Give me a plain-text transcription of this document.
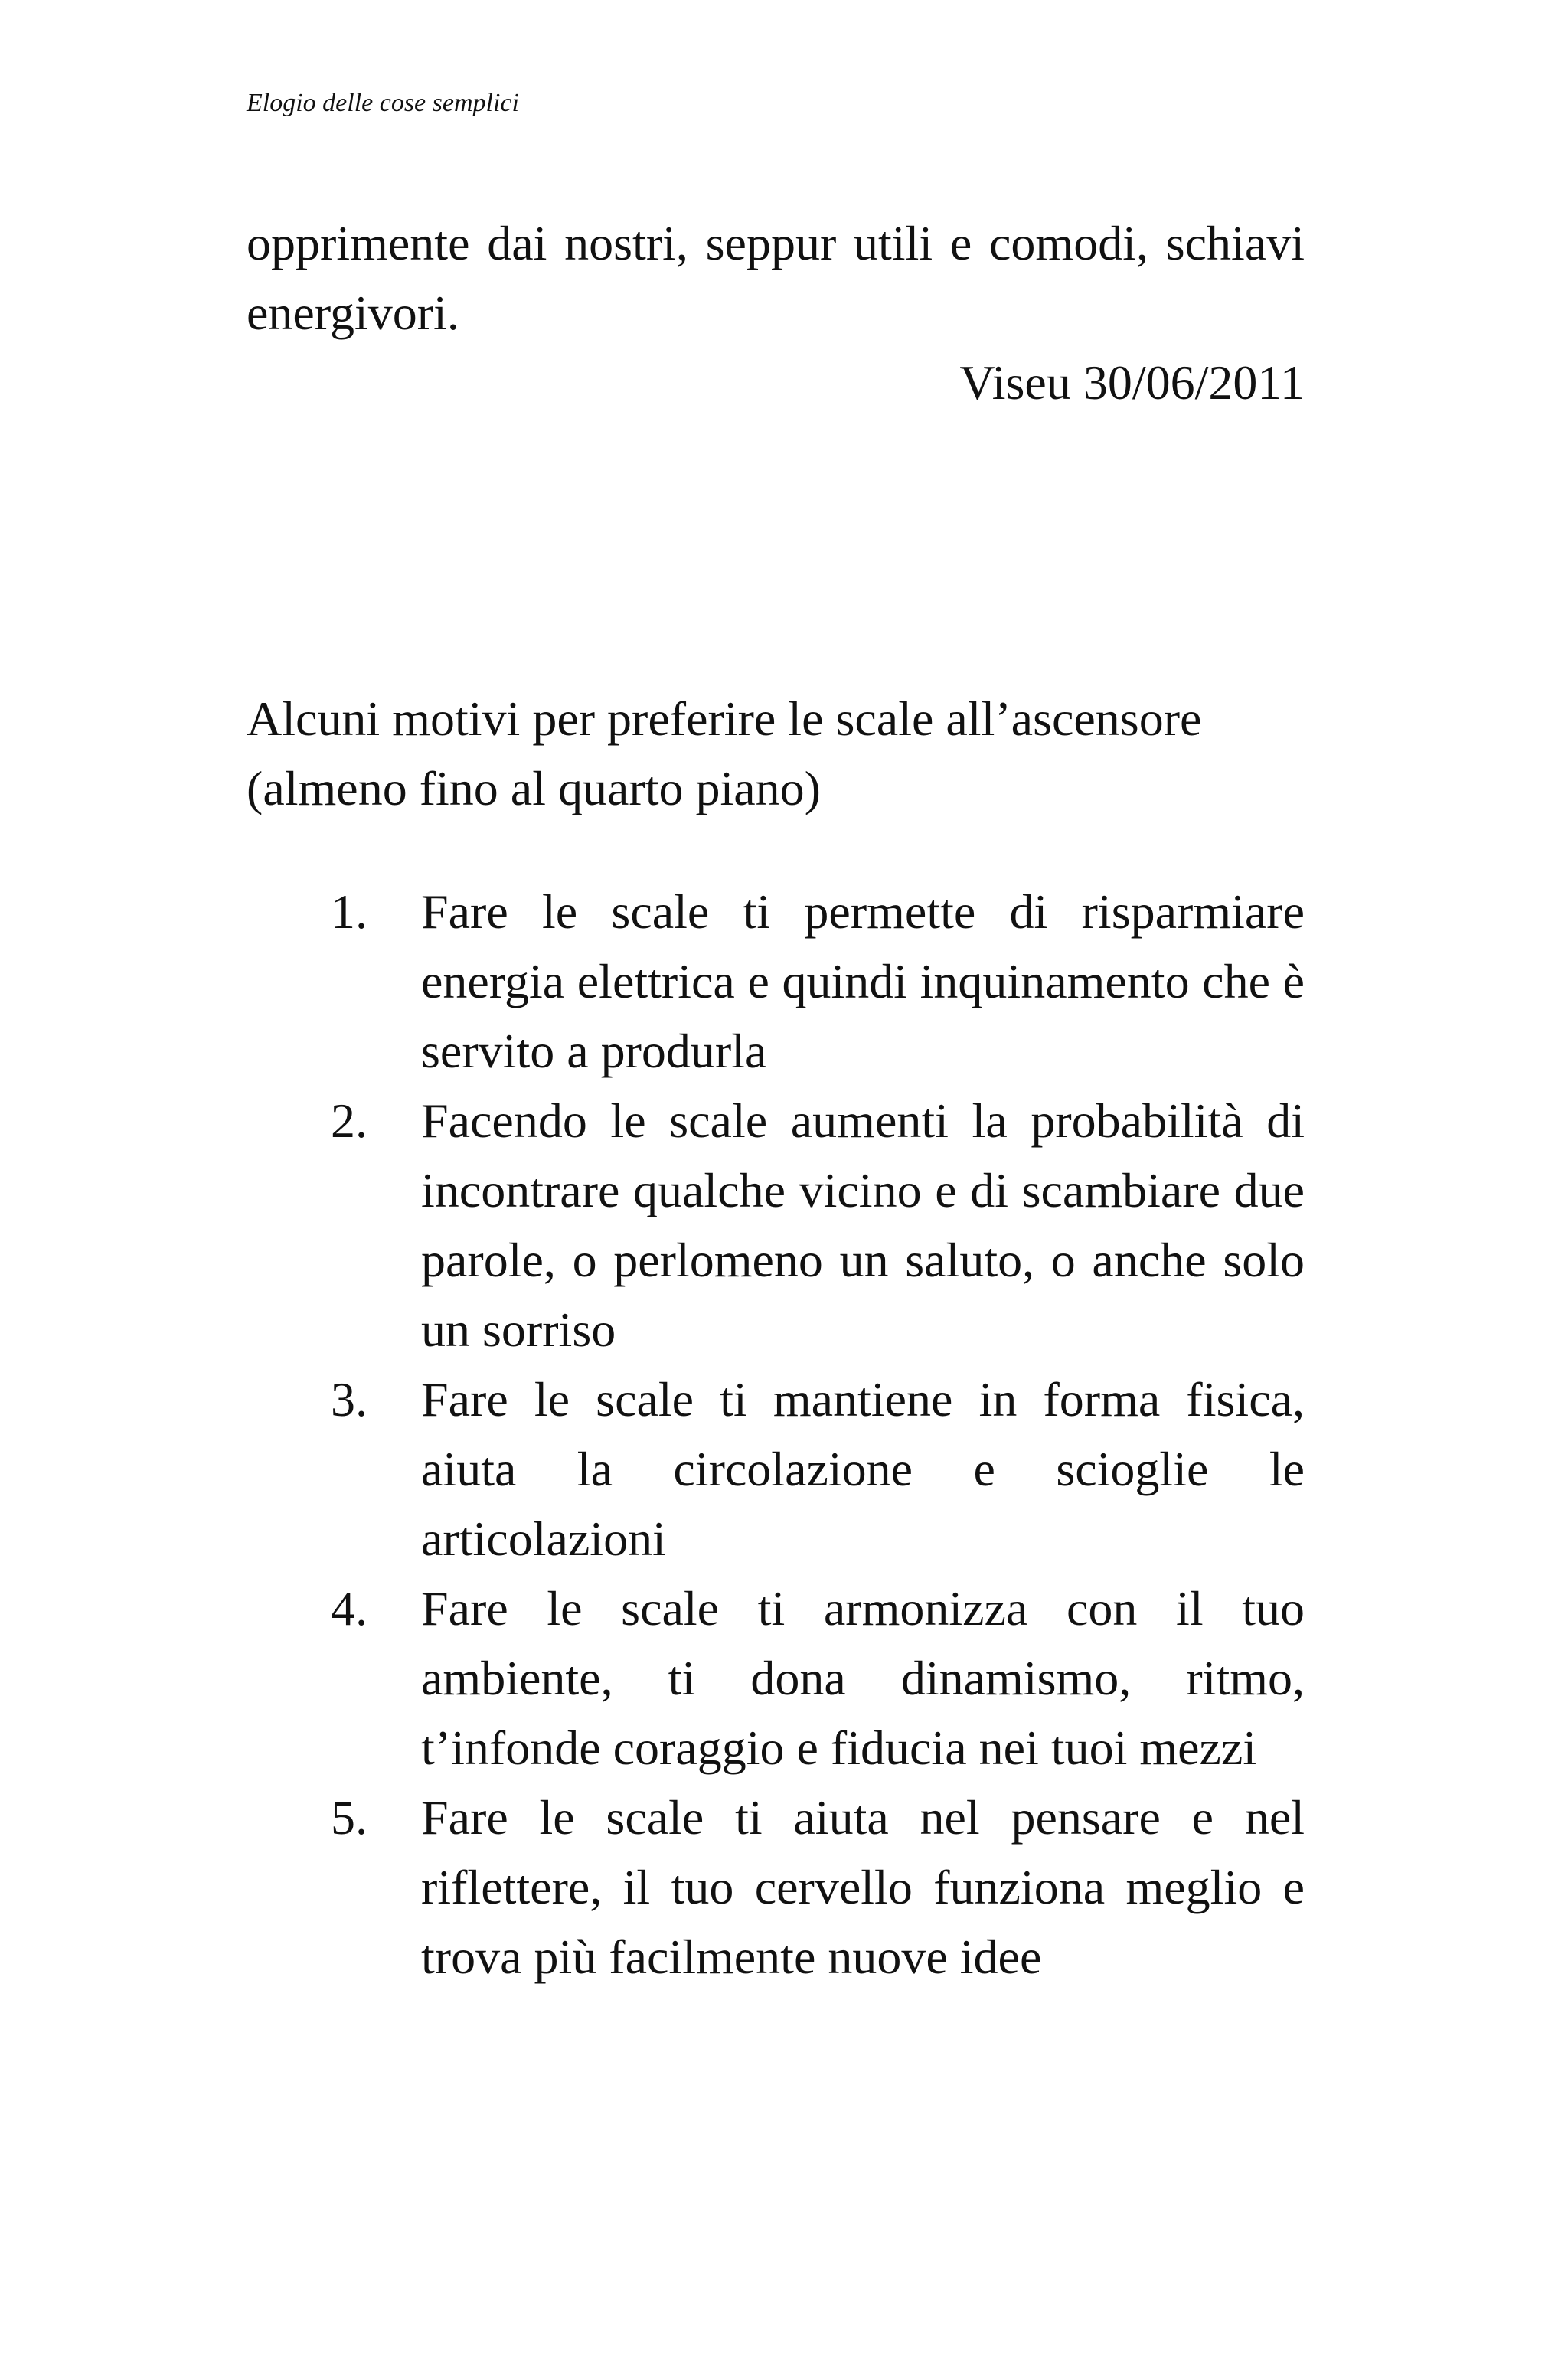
Elogio delle cose semplici

opprimente dai nostri, seppur utili e comodi, schiavi energivori.

Viseu 30/06/2011

Alcuni motivi per preferire le scale all’ascensore (almeno fino al quarto piano)

1. Fare le scale ti permette di risparmiare energia elettrica e quindi inquinamento che è servito a produrla
2. Facendo le scale aumenti la probabilità di incontrare qualche vicino e di scambiare due parole, o perlomeno un saluto, o anche solo un sorriso
3. Fare le scale ti mantiene in forma fisica, aiuta la circolazione e scioglie le articolazioni
4. Fare le scale ti armonizza con il tuo ambiente, ti dona dinamismo, ritmo, t’infonde coraggio e fiducia nei tuoi mezzi
5. Fare le scale ti aiuta nel pensare e nel riflettere, il tuo cervello funziona meglio e trova più facilmente nuove idee
